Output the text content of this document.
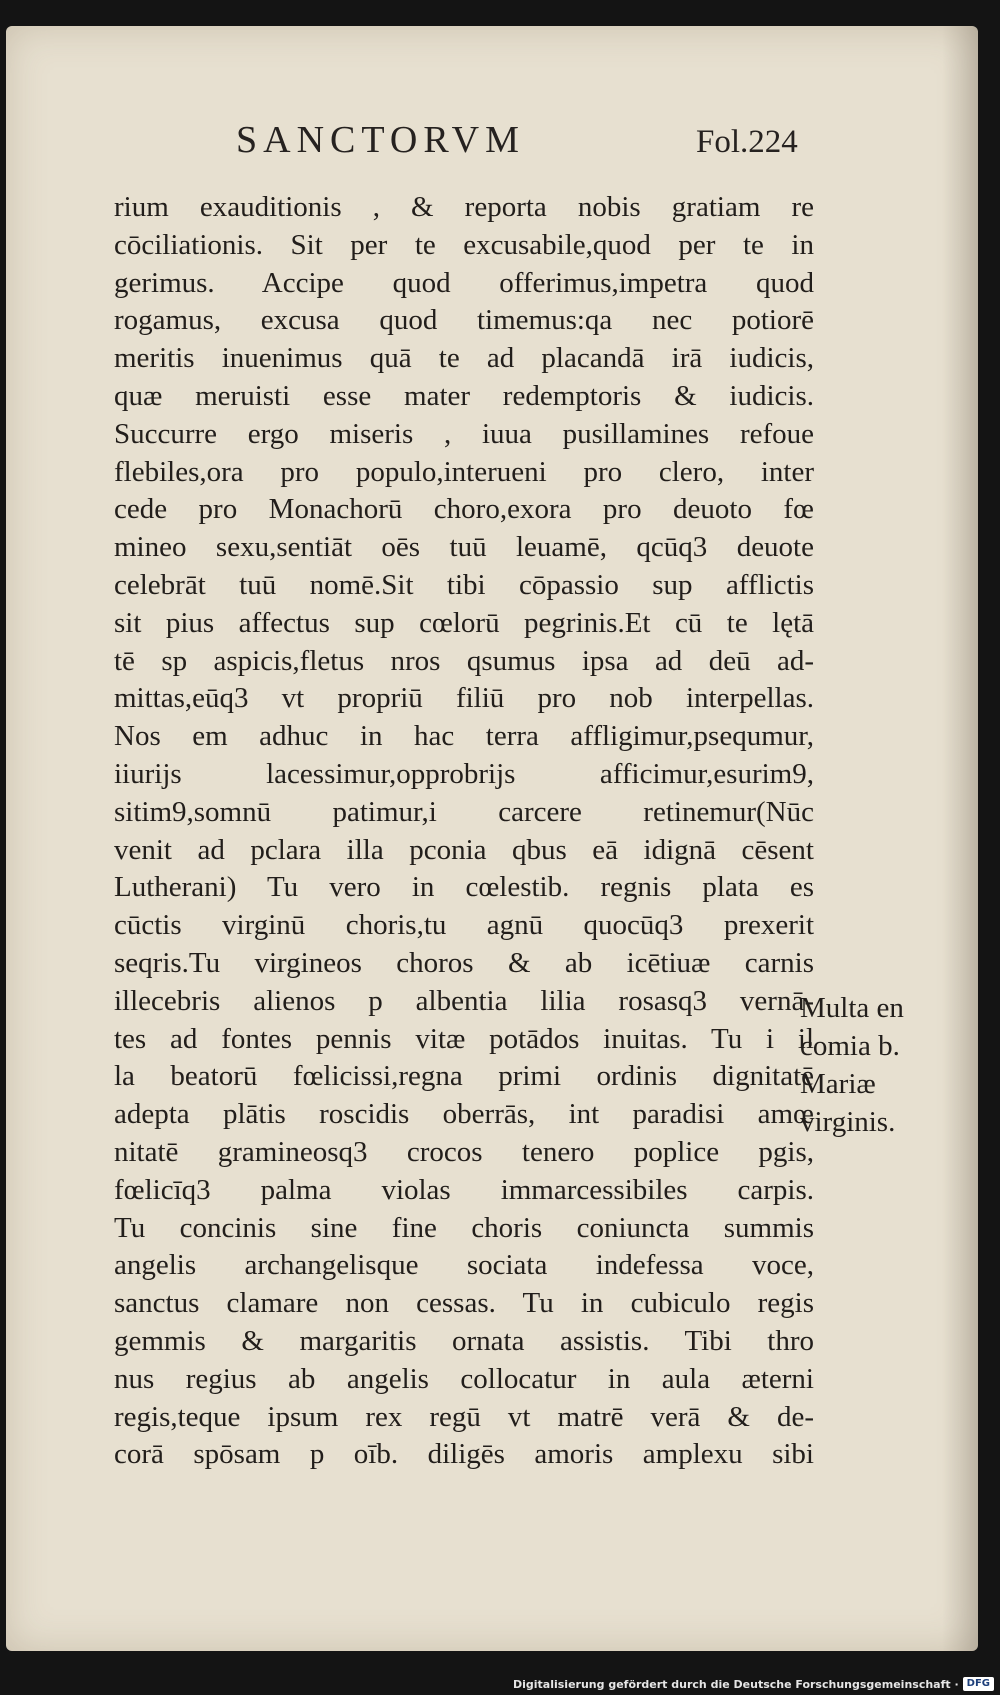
SANCTORVM	Fol.224
rium exauditionis , & reporta nobis gratiam re
cōciliationis. Sit per te excusabile,quod per te in
gerimus. Accipe quod offerimus,impetra quod
rogamus, excusa quod timemus:qa nec potiorē
meritis inuenimus quā te ad placandā irā iudicis,
quæ meruisti esse mater redemptoris & iudicis.
Succurre ergo miseris , iuua pusillamines refoue
flebiles,ora pro populo,interueni pro clero, inter
cede pro Monachorū choro,exora pro deuoto fœ
mineo sexu,sentiāt oēs tuū leuamē, qcūq3 deuote
celebrāt tuū nomē.Sit tibi cōpassio sup afflictis
sit pius affectus sup cœlorū pegrinis.Et cū te lętā
tē sp aspicis,fletus nros qsumus ipsa ad deū ad-
mittas,eūq3 vt propriū filiū pro nob interpellas.
Nos em adhuc in hac terra affligimur,psequmur,
iiurijs lacessimur,opprobrijs afficimur,esurim9,
sitim9,somnū patimur,i carcere retinemur(Nūc
venit ad pclara illa pconia qbus eā idignā cēsent
Lutherani) Tu vero in cœlestib. regnis plata es
cūctis virginū choris,tu agnū quocūq3 prexerit
seqris.Tu virgineos choros & ab icētiuæ carnis
illecebris alienos p albentia lilia rosasq3 vernā-
tes ad fontes pennis vitæ potādos inuitas. Tu i il
la beatorū fœlicissi,regna primi ordinis dignitatē
adepta plātis roscidis oberrās, int paradisi amœ
nitatē gramineosq3 crocos tenero poplice pgis,
fœlicīq3 palma violas immarcessibiles carpis.
Tu concinis sine fine choris coniuncta summis
angelis archangelisque sociata indefessa voce,
sanctus clamare non cessas. Tu in cubiculo regis
gemmis & margaritis ornata assistis. Tibi thro
nus regius ab angelis collocatur in aula æterni
regis,teque ipsum rex regū vt matrē verā & de-
corā spōsam p oīb. diligēs amoris amplexu sibi
Multa en
comia b.
Mariæ
virginis.
Digitalisierung gefördert durch die Deutsche Forschungsgemeinschaft · DFG
